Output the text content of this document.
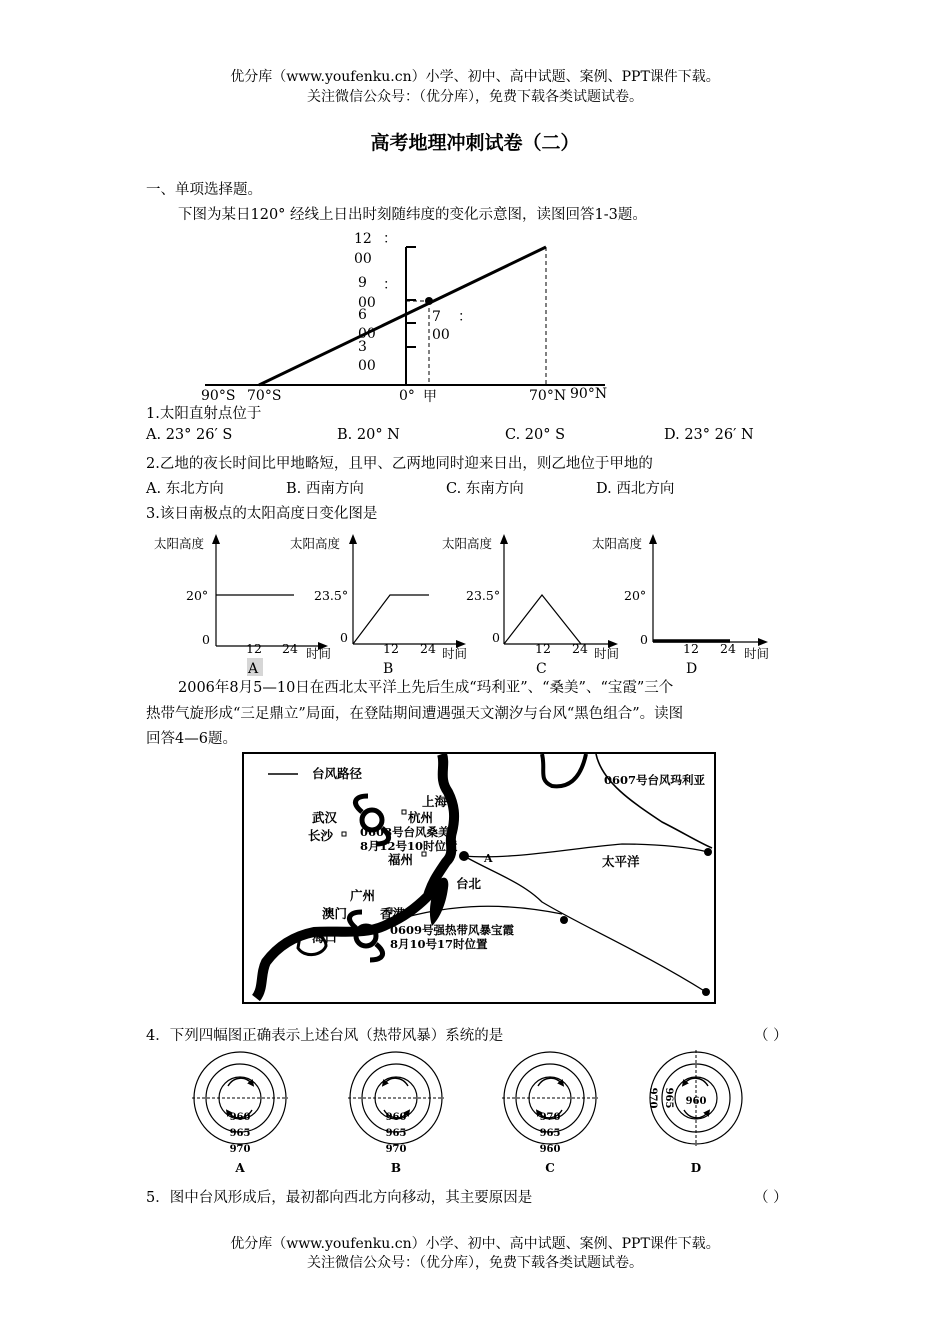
优分库（www.youfenku.cn）小学、初中、高中试题、案例、PPT课件下载。
关注微信公众号：（优分库），免费下载各类试题试卷。
高考地理冲刺试卷（二）
一、单项选择题。
下图为某日120° 经线上日出时刻随纬度的变化示意图，读图回答1-3题。
12 ：
00
9 ：
00
6
00
3
00
7 ：
00
90°S 70°S	0° 甲	70°N 90°N
1.太阳直射点位于
A. 23° 26′ S	B. 20° N	C. 20° S	D. 23° 26′ N
2.乙地的夜长时间比甲地略短，且甲、乙两地同时迎来日出，则乙地位于甲地的
A. 东北方向	B. 西南方向	C. 东南方向	D. 西北方向
3.该日南极点的太阳高度日变化图是
太阳高度
20°
0
12 24 时间
A
太阳高度
23.5°
0
12 24 时间
B
太阳高度
23.5°
0
12 24 时间
C
太阳高度
20°
0
12 24 时间
D
2006年8月5—10日在西北太平洋上先后生成“玛利亚”、“桑美”、“宝霞”三个
热带气旋形成“三足鼎立”局面，在登陆期间遭遇强天文潮汐与台风“黑色组合”。读图
回答4—6题。
台风路径	0607号台风玛利亚
上海
杭州
武汉
长沙 0608号台风桑美
8月12号10时位置
福州	A	太平洋
台北
广州
澳门	香港
海口	0609号强热带风暴宝霞
8月10号17时位置
4．下列四幅图正确表示上述台风（热带风暴）系统的是	（ ）
960
965
970
A
960
965
970
B
970
965
960
C
970 965 960
D
5．图中台风形成后，最初都向西北方向移动，其主要原因是	（ ）
优分库（www.youfenku.cn）小学、初中、高中试题、案例、PPT课件下载。
关注微信公众号：（优分库），免费下载各类试题试卷。
